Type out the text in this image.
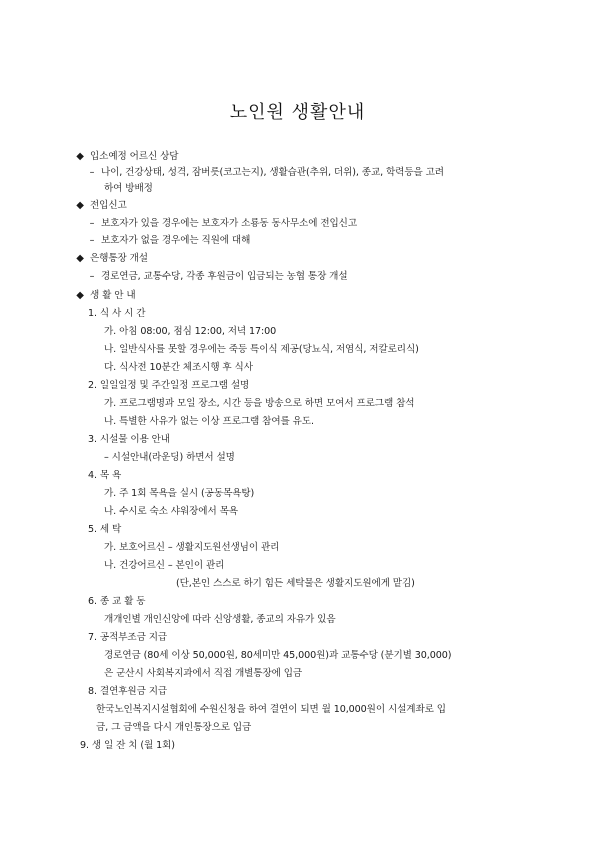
노인원 생활안내
◆ 입소예정 어르신 상담
– 나이, 건강상태, 성격, 잠버릇(코고는지), 생활습관(추위, 더위), 종교, 학력등을 고려
하여 방배정
◆ 전입신고
– 보호자가 있을 경우에는 보호자가 소룡동 동사무소에 전입신고
– 보호자가 없을 경우에는 직원에 대해
◆ 은행통장 개설
– 경로연금, 교통수당, 각종 후원금이 입금되는 농협 통장 개설
◆ 생 활 안 내
1. 식 사 시 간
가. 아침 08:00, 점심 12:00, 저녁 17:00
나. 일반식사를 못할 경우에는 죽등 특이식 제공(당뇨식, 저염식, 저칼로리식)
다. 식사전 10분간 체조시행 후 식사
2. 일일일정 및 주간일정 프로그램 설명
가. 프로그램명과 모일 장소, 시간 등을 방송으로 하면 모여서 프로그램 참석
나. 특별한 사유가 없는 이상 프로그램 참여를 유도.
3. 시설물 이용 안내
– 시설안내(라운딩) 하면서 설명
4. 목 욕
가. 주 1회 목욕을 실시 (공동목욕탕)
나. 수시로 숙소 샤워장에서 목욕
5. 세 탁
가. 보호어르신 – 생활지도원선생님이 관리
나. 건강어르신 – 본인이 관리
(단,본인 스스로 하기 힘든 세탁물은 생활지도원에게 맡김)
6. 종 교 활 동
개개인별 개인신앙에 따라 신앙생활, 종교의 자유가 있음
7. 공적부조금 지급
경로연금 (80세 이상 50,000원, 80세미만 45,000원)과 교통수당 (분기별 30,000)
은 군산시 사회복지과에서 직접 개별통장에 입금
8. 결연후원금 지급
한국노인복지시설협회에 수원신청을 하여 결연이 되면 월 10,000원이 시설계좌로 입
금, 그 금액을 다시 개인통장으로 입금
9. 생 일 잔 치 (월 1회)
